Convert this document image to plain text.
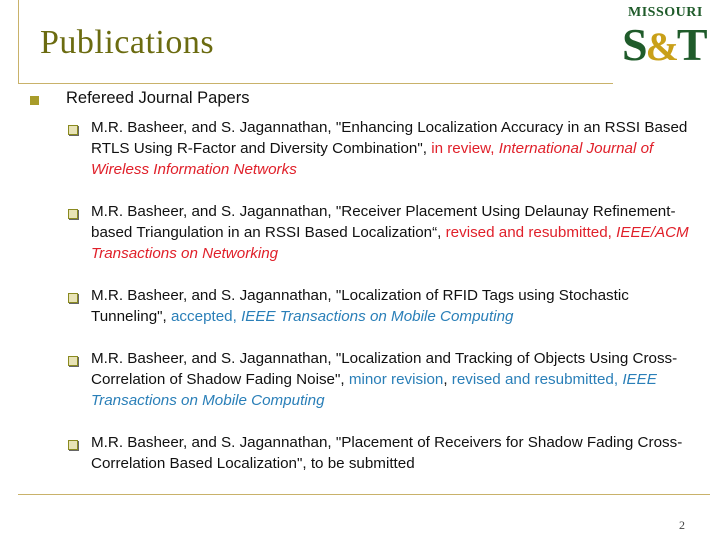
Publications
MISSOURI
S&T
Refereed Journal Papers
M.R. Basheer, and S. Jagannathan, "Enhancing Localization Accuracy in an RSSI Based RTLS Using R-Factor and Diversity Combination", in review, International Journal of Wireless Information Networks
M.R. Basheer, and S. Jagannathan, "Receiver Placement Using Delaunay Refinement-based Triangulation in an RSSI Based Localization“, revised and resubmitted, IEEE/ACM Transactions on Networking
M.R. Basheer, and S. Jagannathan, "Localization of RFID Tags using Stochastic Tunneling", accepted, IEEE Transactions on Mobile Computing
M.R. Basheer, and S. Jagannathan, "Localization and Tracking of Objects Using Cross-Correlation of Shadow Fading Noise", minor revision, revised and resubmitted, IEEE Transactions on Mobile Computing
M.R. Basheer, and S. Jagannathan, "Placement of Receivers for Shadow Fading Cross-Correlation Based Localization", to be submitted
2
